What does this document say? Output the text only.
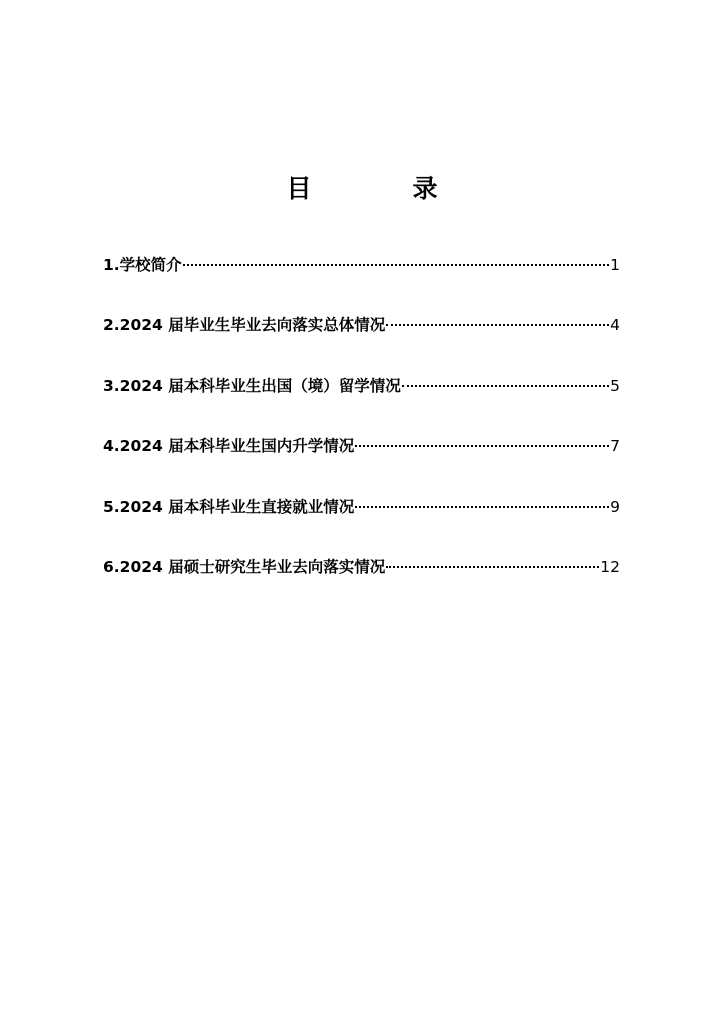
目　录
1.学校简介	1
2.2024 届毕业生毕业去向落实总体情况	4
3.2024 届本科毕业生出国（境）留学情况	5
4.2024 届本科毕业生国内升学情况	7
5.2024 届本科毕业生直接就业情况	9
6.2024 届硕士研究生毕业去向落实情况	12
